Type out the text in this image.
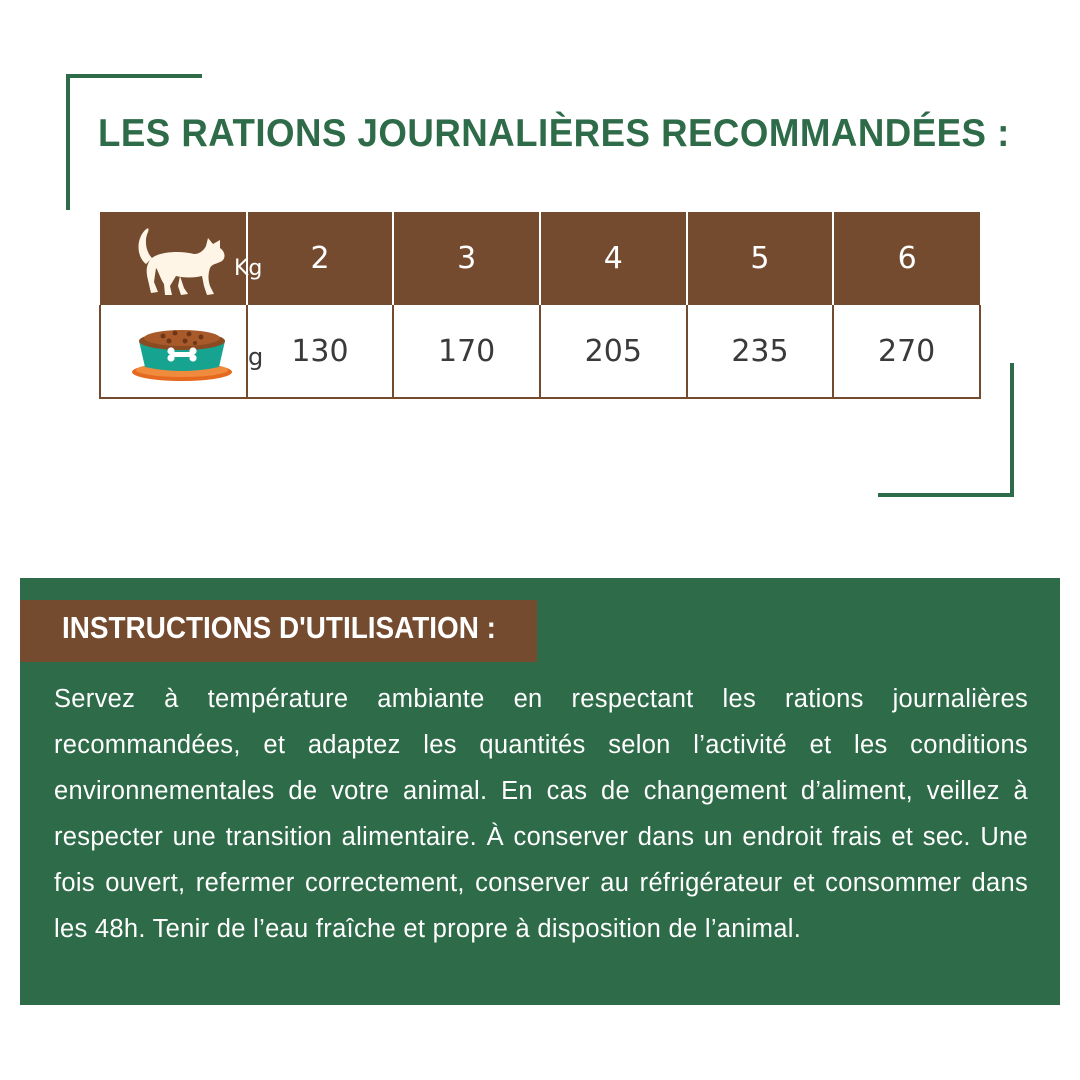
LES RATIONS JOURNALIÈRES RECOMMANDÉES :
Kg	2	3	4	5	6

g	130	170	205	235	270
INSTRUCTIONS D'UTILISATION :

Servez à température ambiante en respectant les rations journalières recommandées, et adaptez les quantités selon l’activité et les conditions environnementales de votre animal. En cas de changement d’aliment, veillez à respecter une transition alimentaire. À conserver dans un endroit frais et sec. Une fois ouvert, refermer correctement, conserver au réfrigérateur et consommer dans les 48h. Tenir de l’eau fraîche et propre à disposition de l’animal.
